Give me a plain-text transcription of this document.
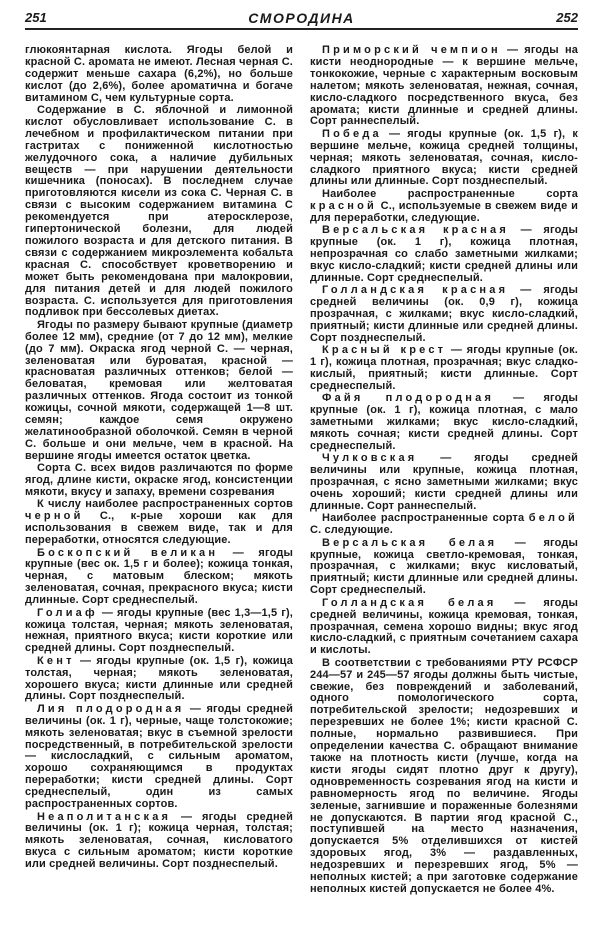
251	СМОРОДИНА	252

глюкоянтарная кислота. Ягоды белой и красной С. аромата не имеют. Лесная черная С. содержит меньше сахара (6,2%), но больше кислот (до 2,6%), более ароматична и богаче витамином С, чем культурные сорта.

Содержание в С. яблочной и лимонной кислот обусловливает использование С. в лечебном и профилактическом питании при гастритах с пониженной кислотностью желудочного сока, а наличие дубильных веществ — при нарушении деятельности кишечника (поносах). В последнем случае приготовляются кисели из сока С. Черная С. в связи с высоким содержанием витамина С рекомендуется при атеросклерозе, гипертонической болезни, для людей пожилого возраста и для детского питания. В связи с содержанием микроэлемента кобальта красная С. способствует кроветворению и может быть рекомендована при малокровии, для питания детей и для людей пожилого возраста. С. используется для приготовления подливок при бессолевых диетах.

Ягоды по размеру бывают крупные (диаметр более 12 мм), средние (от 7 до 12 мм), мелкие (до 7 мм). Окраска ягод черной С. — черная, зеленоватая или буроватая, красной — красноватая различных оттенков; белой — беловатая, кремовая или желтоватая различных оттенков. Ягода состоит из тонкой кожицы, сочной мякоти, содержащей 1—8 шт. семян; каждое семя окружено желатинообразной оболочкой. Семян в черной С. больше и они мельче, чем в красной. На вершине ягоды имеется остаток цветка.

Сорта С. всех видов различаются по форме ягод, длине кисти, окраске ягод, консистенции мякоти, вкусу и запаху, времени созревания

К числу наиболее распространенных сортов черной С., к-рые хороши как для использования в свежем виде, так и для переработки, относятся следующие.

Боскопский великан — ягоды крупные (вес ок. 1,5 г и более); кожица тонкая, черная, с матовым блеском; мякоть зеленоватая, сочная, прекрасного вкуса; кисти длинные. Сорт среднеспелый.

Голиаф — ягоды крупные (вес 1,3—1,5 г), кожица толстая, черная; мякоть зеленоватая, нежная, приятного вкуса; кисти короткие или средней длины. Сорт позднеспелый.

Кент — ягоды крупные (ок. 1,5 г), кожица толстая, черная; мякоть зеленоватая, хорошего вкуса; кисти длинные или средней длины. Сорт позднеспелый.

Лия плодородная — ягоды средней величины (ок. 1 г), черные, чаще толстокожие; мякоть зеленоватая; вкус в съемной зрелости посредственный, в потребительской зрелости — кислосладкий, с сильным ароматом, хорошо сохраняющимся в продуктах переработки; кисти средней длины. Сорт среднеспелый, один из самых распространенных сортов.

Неаполитанская — ягоды средней величины (ок. 1 г); кожица черная, толстая; мякоть зеленоватая, сочная, кисловатого вкуса с сильным ароматом; кисти короткие или средней величины. Сорт позднеспелый.

Приморский чемпион — ягоды на кисти неоднородные — к вершине мельче, тонкокожие, черные с характерным восковым налетом; мякоть зеленоватая, нежная, сочная, кисло-сладкого посредственного вкуса, без аромата; кисти длинные и средней длины. Сорт раннеспелый.

Победа — ягоды крупные (ок. 1,5 г), к вершине мельче, кожица средней толщины, черная; мякоть зеленоватая, сочная, кисло-сладкого приятного вкуса; кисти средней длины или длинные. Сорт позднеспелый.

Наиболее распространенные сорта красной С., используемые в свежем виде и для переработки, следующие.

Версальская красная — ягоды крупные (ок. 1 г), кожица плотная, непрозрачная со слабо заметными жилками; вкус кисло-сладкий; кисти средней длины или длинные. Сорт среднеспелый.

Голландская красная — ягоды средней величины (ок. 0,9 г), кожица прозрачная, с жилками; вкус кисло-сладкий, приятный; кисти длинные или средней длины. Сорт позднеспелый.

Красный крест — ягоды крупные (ок. 1 г), кожица плотная, прозрачная; вкус сладко-кислый, приятный; кисти длинные. Сорт среднеспелый.

Файя плодородная — ягоды крупные (ок. 1 г), кожица плотная, с мало заметными жилками; вкус кисло-сладкий, мякоть сочная; кисти средней длины. Сорт среднеспелый.

Чулковская — ягоды средней величины или крупные, кожица плотная, прозрачная, с ясно заметными жилками; вкус очень хороший; кисти средней длины или длинные. Сорт раннеспелый.

Наиболее распространенные сорта белой С. следующие.

Версальская белая — ягоды крупные, кожица светло-кремовая, тонкая, прозрачная, с жилками; вкус кисловатый, приятный; кисти длинные или средней длины. Сорт среднеспелый.

Голландская белая — ягоды средней величины, кожица кремовая, тонкая, прозрачная, семена хорошо видны; вкус ягод кисло-сладкий, с приятным сочетанием сахара и кислоты.

В соответствии с требованиями РТУ РСФСР 244—57 и 245—57 ягоды должны быть чистые, свежие, без повреждений и заболеваний, одного помологического сорта, потребительской зрелости; недозревших и перезревших не более 1%; кисти красной С. полные, нормально развившиеся. При определении качества С. обращают внимание также на плотность кисти (лучше, когда на кисти ягоды сидят плотно друг к другу), одновременность созревания ягод на кисти и равномерность ягод по величине. Ягоды зеленые, загнившие и пораженные болезнями не допускаются. В партии ягод красной С., поступившей на место назначения, допускается 5% отделившихся от кистей здоровых ягод, 3% — раздавленных, недозревших и перезревших ягод, 5% — неполных кистей; а при заготовке содержание неполных кистей допускается не более 4%.
